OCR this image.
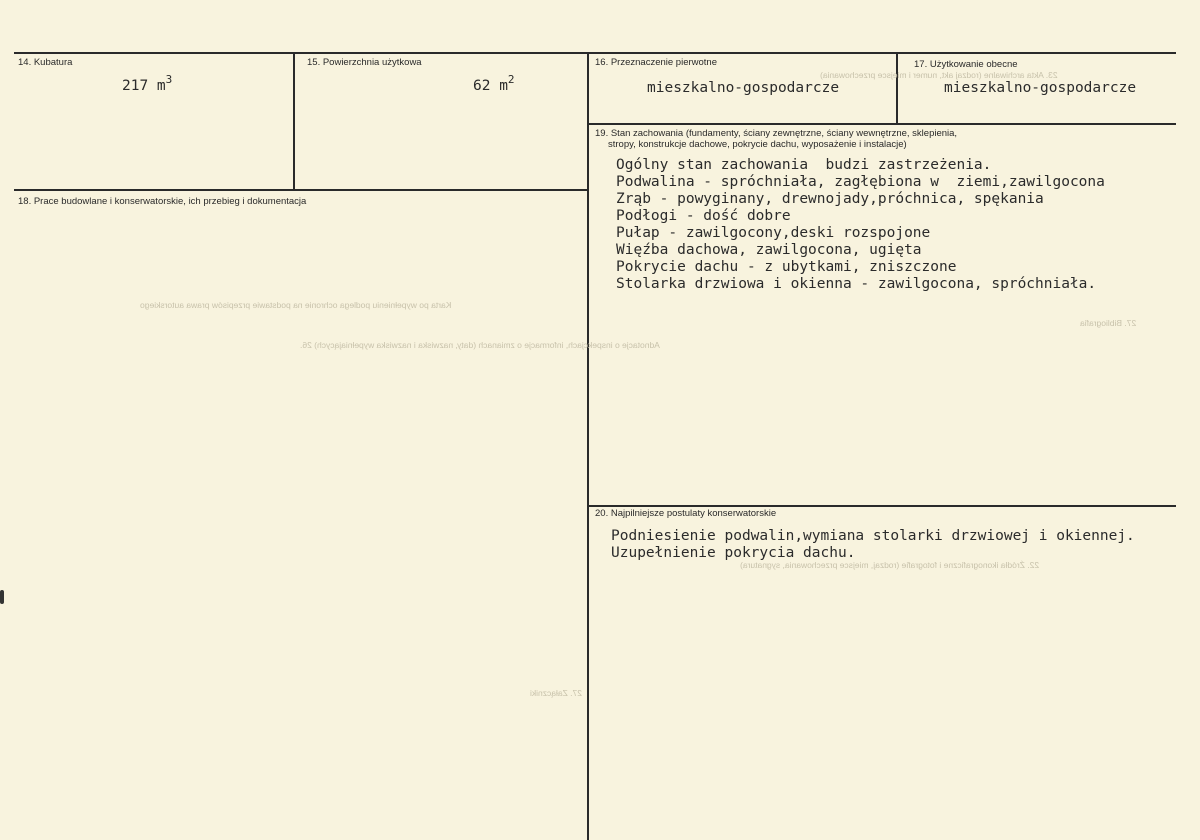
Adnotacje o inspekcjach, informacje o zmianach (daty, nazwiska i nazwiska wypełniających) 26.
Karta po wypełnieniu podlega ochronie na podstawie przepisów prawa autorskiego
23. Akta archiwalne (rodzaj akt, numer i miejsce przechowania)
22. Źródła ikonograficzne i fotografie (rodzaj, miejsce przechowania, sygnatura)
27. Bibliografia
27. Załączniki
14. Kubatura
217 $m^3$
15. Powierzchnia użytkowa
62 $m^2$
16. Przeznaczenie pierwotne
mieszkalno-gospodarcze
17. Użytkowanie obecne
mieszkalno-gospodarcze
18. Prace budowlane i konserwatorskie, ich przebieg i dokumentacja
19. Stan zachowania (fundamenty, ściany zewnętrzne, ściany wewnętrzne, sklepienia,
stropy, konstrukcje dachowe, pokrycie dachu, wyposażenie i instalacje)
Ogólny stan zachowania  budzi zastrzeżenia.
Podwalina - spróchniała, zagłębiona w  ziemi,zawilgocona
Zrąb - powyginany, drewnojady,próchnica, spękania
Podłogi - dość dobre
Pułap - zawilgocony,deski rozspojone
Więźba dachowa, zawilgocona, ugięta
Pokrycie dachu - z ubytkami, zniszczone
Stolarka drzwiowa i okienna - zawilgocona, spróchniała.
20. Najpilniejsze postulaty konserwatorskie
Podniesienie podwalin,wymiana stolarki drzwiowej i okiennej.
Uzupełnienie pokrycia dachu.
